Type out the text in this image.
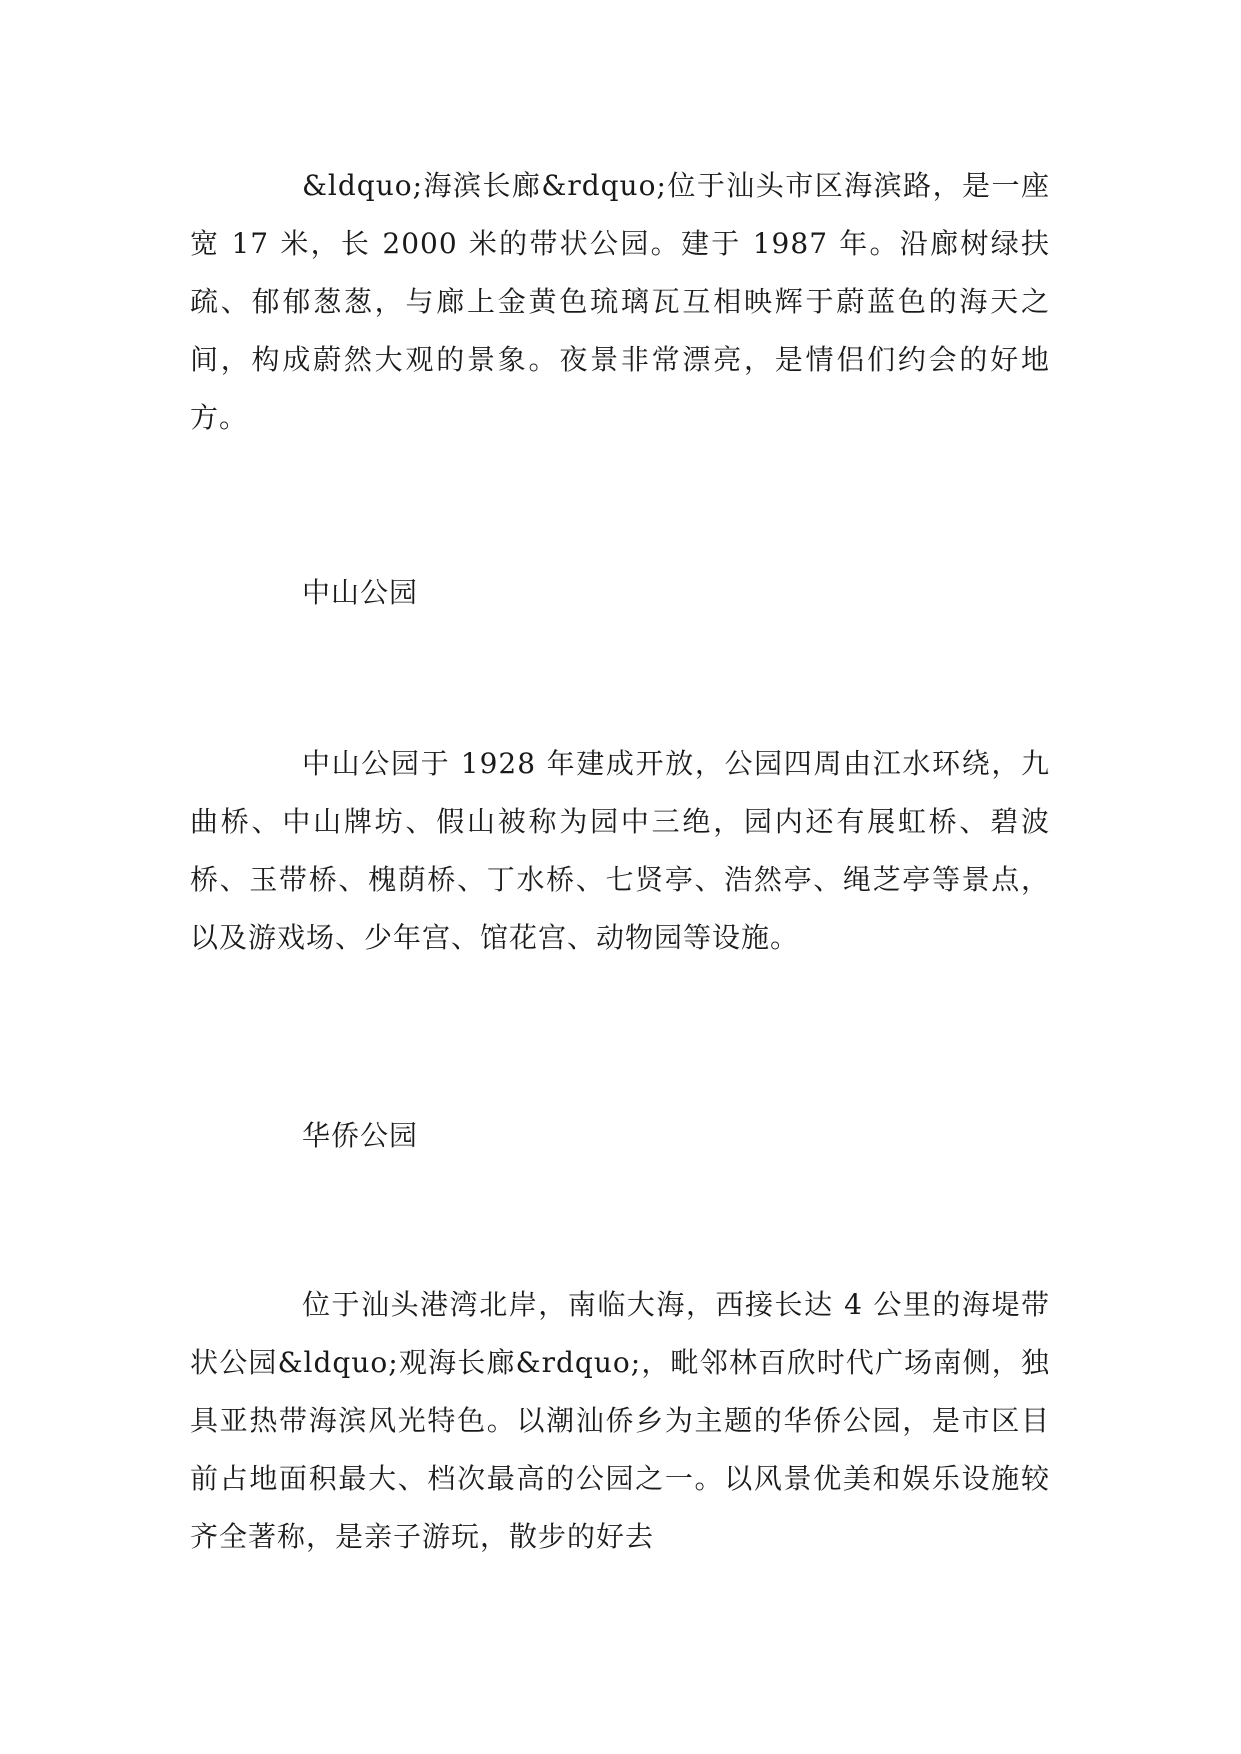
&ldquo;海滨长廊&rdquo;位于汕头市区海滨路，是一座宽 17 米，长 2000 米的带状公园。建于 1987 年。沿廊树绿扶疏、郁郁葱葱，与廊上金黄色琉璃瓦互相映辉于蔚蓝色的海天之间，构成蔚然大观的景象。夜景非常漂亮，是情侣们约会的好地方。

中山公园

中山公园于 1928 年建成开放，公园四周由江水环绕，九曲桥、中山牌坊、假山被称为园中三绝，园内还有展虹桥、碧波桥、玉带桥、槐荫桥、丁水桥、七贤亭、浩然亭、绳芝亭等景点，以及游戏场、少年宫、馆花宫、动物园等设施。

华侨公园

位于汕头港湾北岸，南临大海，西接长达 4 公里的海堤带状公园&ldquo;观海长廊&rdquo;，毗邻林百欣时代广场南侧，独具亚热带海滨风光特色。以潮汕侨乡为主题的华侨公园，是市区目前占地面积最大、档次最高的公园之一。以风景优美和娱乐设施较齐全著称，是亲子游玩，散步的好去
